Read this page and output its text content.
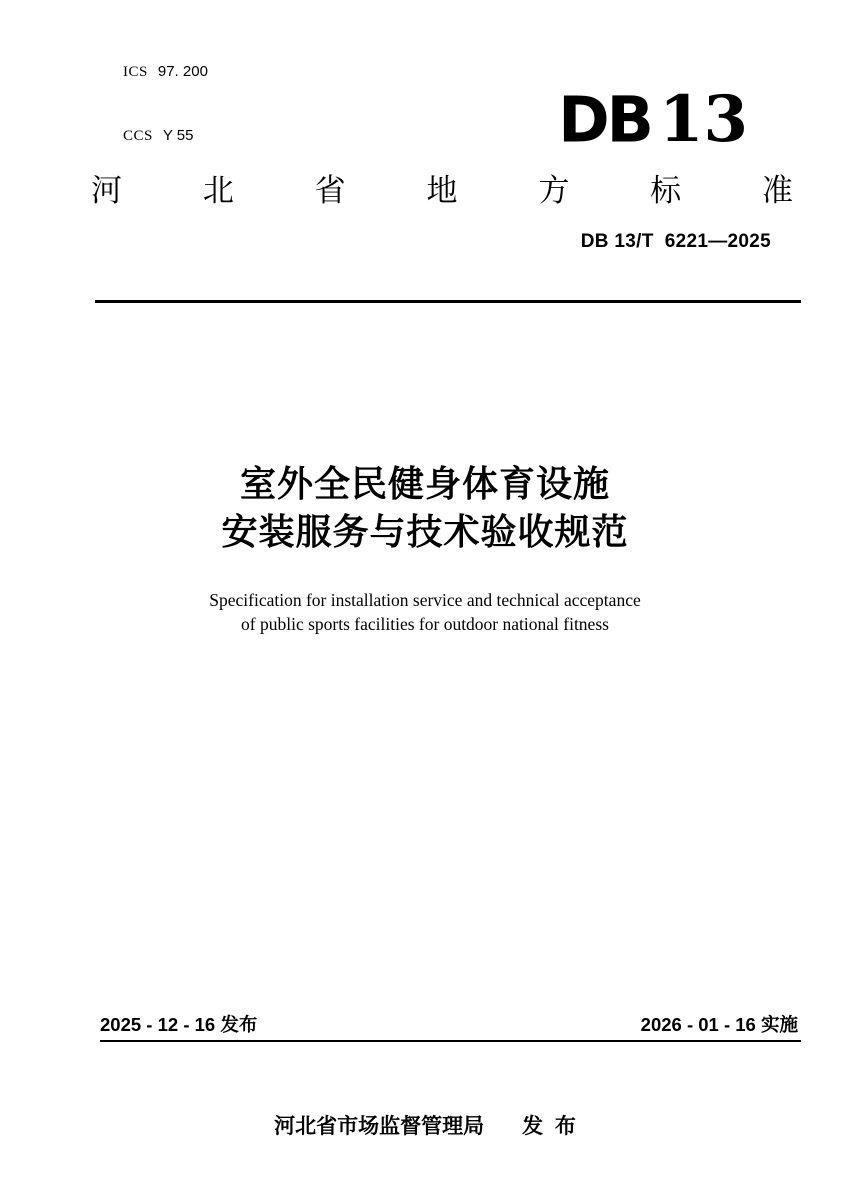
ICS 97. 200

CCS Y 55
	DB 13
河	北	省	地	方	标	准
DB 13/T  6221—2025
室外全民健身体育设施
安装服务与技术验收规范
Specification for installation service and technical acceptance
of public sports facilities for outdoor national fitness
2025 - 12 - 16 发布	2026 - 01 - 16 实施
河北省市场监督管理局 发  布
